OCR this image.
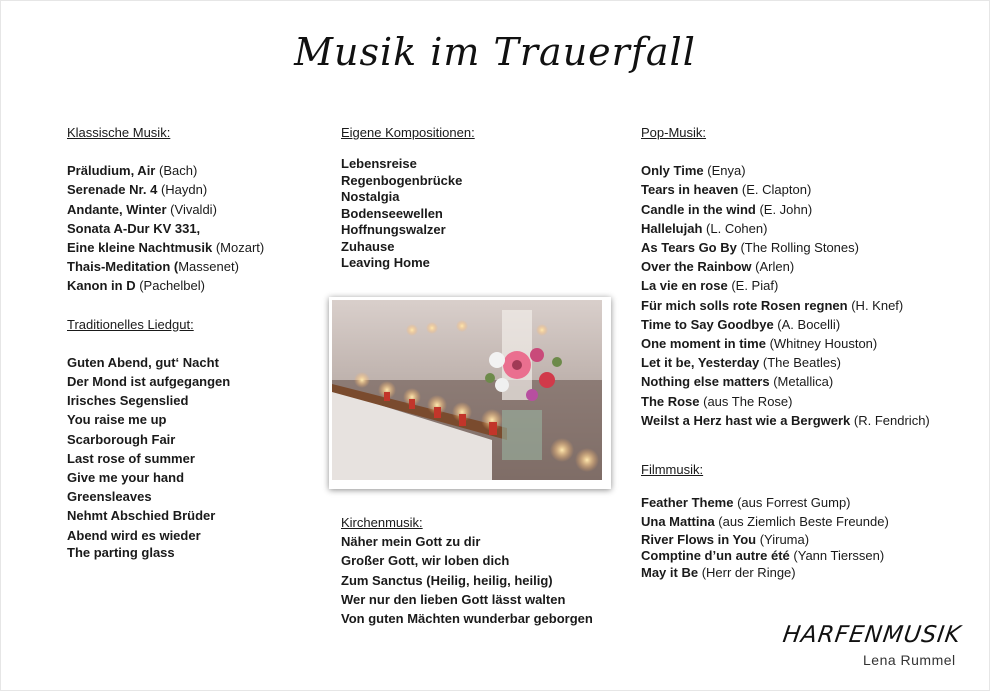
Musik im Trauerfall

Klassische Musik:

Präludium, Air (Bach)
Serenade Nr. 4 (Haydn)
Andante, Winter (Vivaldi)
Sonata A-Dur KV 331,
Eine kleine Nachtmusik (Mozart)
Thais-Meditation (Massenet)
Kanon in D (Pachelbel)

Traditionelles Liedgut:

Guten Abend, gut‘ Nacht
Der Mond ist aufgegangen
Irisches Segenslied
You raise me up
Scarborough Fair
Last rose of summer
Give me your hand
Greensleaves
Nehmt Abschied Brüder
Abend wird es wieder
The parting glass

Eigene Kompositionen:

Lebensreise
Regenbogenbrücke
Nostalgia
Bodenseewellen
Hoffnungswalzer
Zuhause
Leaving Home

Kirchenmusik:

Näher mein Gott zu dir
Großer Gott, wir loben dich
Zum Sanctus (Heilig, heilig, heilig)
Wer nur den lieben Gott lässt walten
Von guten Mächten wunderbar geborgen

Pop-Musik:

Only Time (Enya)
Tears in heaven (E. Clapton)
Candle in the wind (E. John)
Hallelujah (L. Cohen)
As Tears Go By (The Rolling Stones)
Over the Rainbow (Arlen)
La vie en rose (E. Piaf)
Für mich solls rote Rosen regnen (H. Knef)
Time to Say Goodbye (A. Bocelli)
One moment in time (Whitney Houston)
Let it be, Yesterday (The Beatles)
Nothing else matters (Metallica)
The Rose (aus The Rose)
Weilst a Herz hast wie a Bergwerk (R. Fendrich)

Filmmusik:

Feather Theme (aus Forrest Gump)
Una Mattina (aus Ziemlich Beste Freunde)
River Flows in You (Yiruma)
Comptine d’un autre été (Yann Tierssen)
May it Be (Herr der Ringe)
HARFENMUSIK
Lena Rummel
